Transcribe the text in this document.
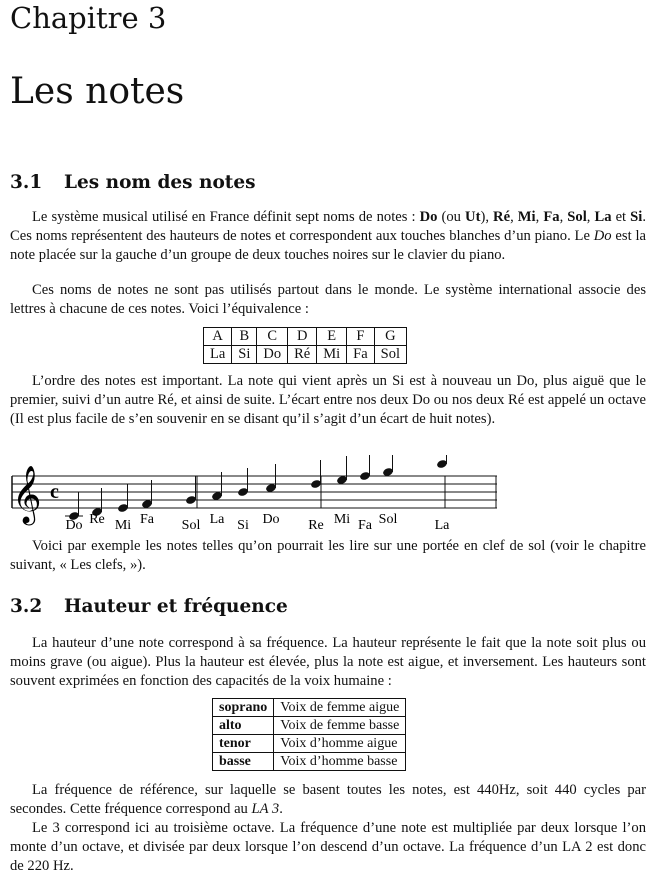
Chapitre 3
Les notes
3.1 Les nom des notes
Le système musical utilisé en France définit sept noms de notes : Do (ou Ut), Ré, Mi, Fa, Sol, La et Si. Ces noms représentent des hauteurs de notes et correspondent aux touches blanches d’un piano. Le Do est la note placée sur la gauche d’un groupe de deux touches noires sur le clavier du piano.
Ces noms de notes ne sont pas utilisés partout dans le monde. Le système international associe des lettres à chacune de ces notes. Voici l’équivalence :
A	B	C	D	E	F	G
La	Si	Do	Ré	Mi	Fa	Sol
L’ordre des notes est important. La note qui vient après un Si est à nouveau un Do, plus aiguë que le premier, suivi d’un autre Ré, et ainsi de suite. L’écart entre nos deux Do ou nos deux Ré est appelé un octave (Il est plus facile de s’en souvenir en se disant qu’il s’agit d’un écart de huit notes).
𝄞 c
Do Re Mi Fa Sol La Si Do Re Mi Fa Sol	La
Voici par exemple les notes telles qu’on pourrait les lire sur une portée en clef de sol (voir le chapitre suivant, « Les clefs, »).
3.2 Hauteur et fréquence
La hauteur d’une note correspond à sa fréquence. La hauteur représente le fait que la note soit plus ou moins grave (ou aigue). Plus la hauteur est élevée, plus la note est aigue, et inversement. Les hauteurs sont souvent exprimées en fonction des capacités de la voix humaine :
soprano	Voix de femme aigue
alto	Voix de femme basse
tenor	Voix d’homme aigue
basse	Voix d’homme basse
La fréquence de référence, sur laquelle se basent toutes les notes, est 440Hz, soit 440 cycles par secondes. Cette fréquence correspond au LA 3.
Le 3 correspond ici au troisième octave. La fréquence d’une note est multipliée par deux lorsque l’on monte d’un octave, et divisée par deux lorsque l’on descend d’un octave. La fréquence d’un LA 2 est donc de 220 Hz.
